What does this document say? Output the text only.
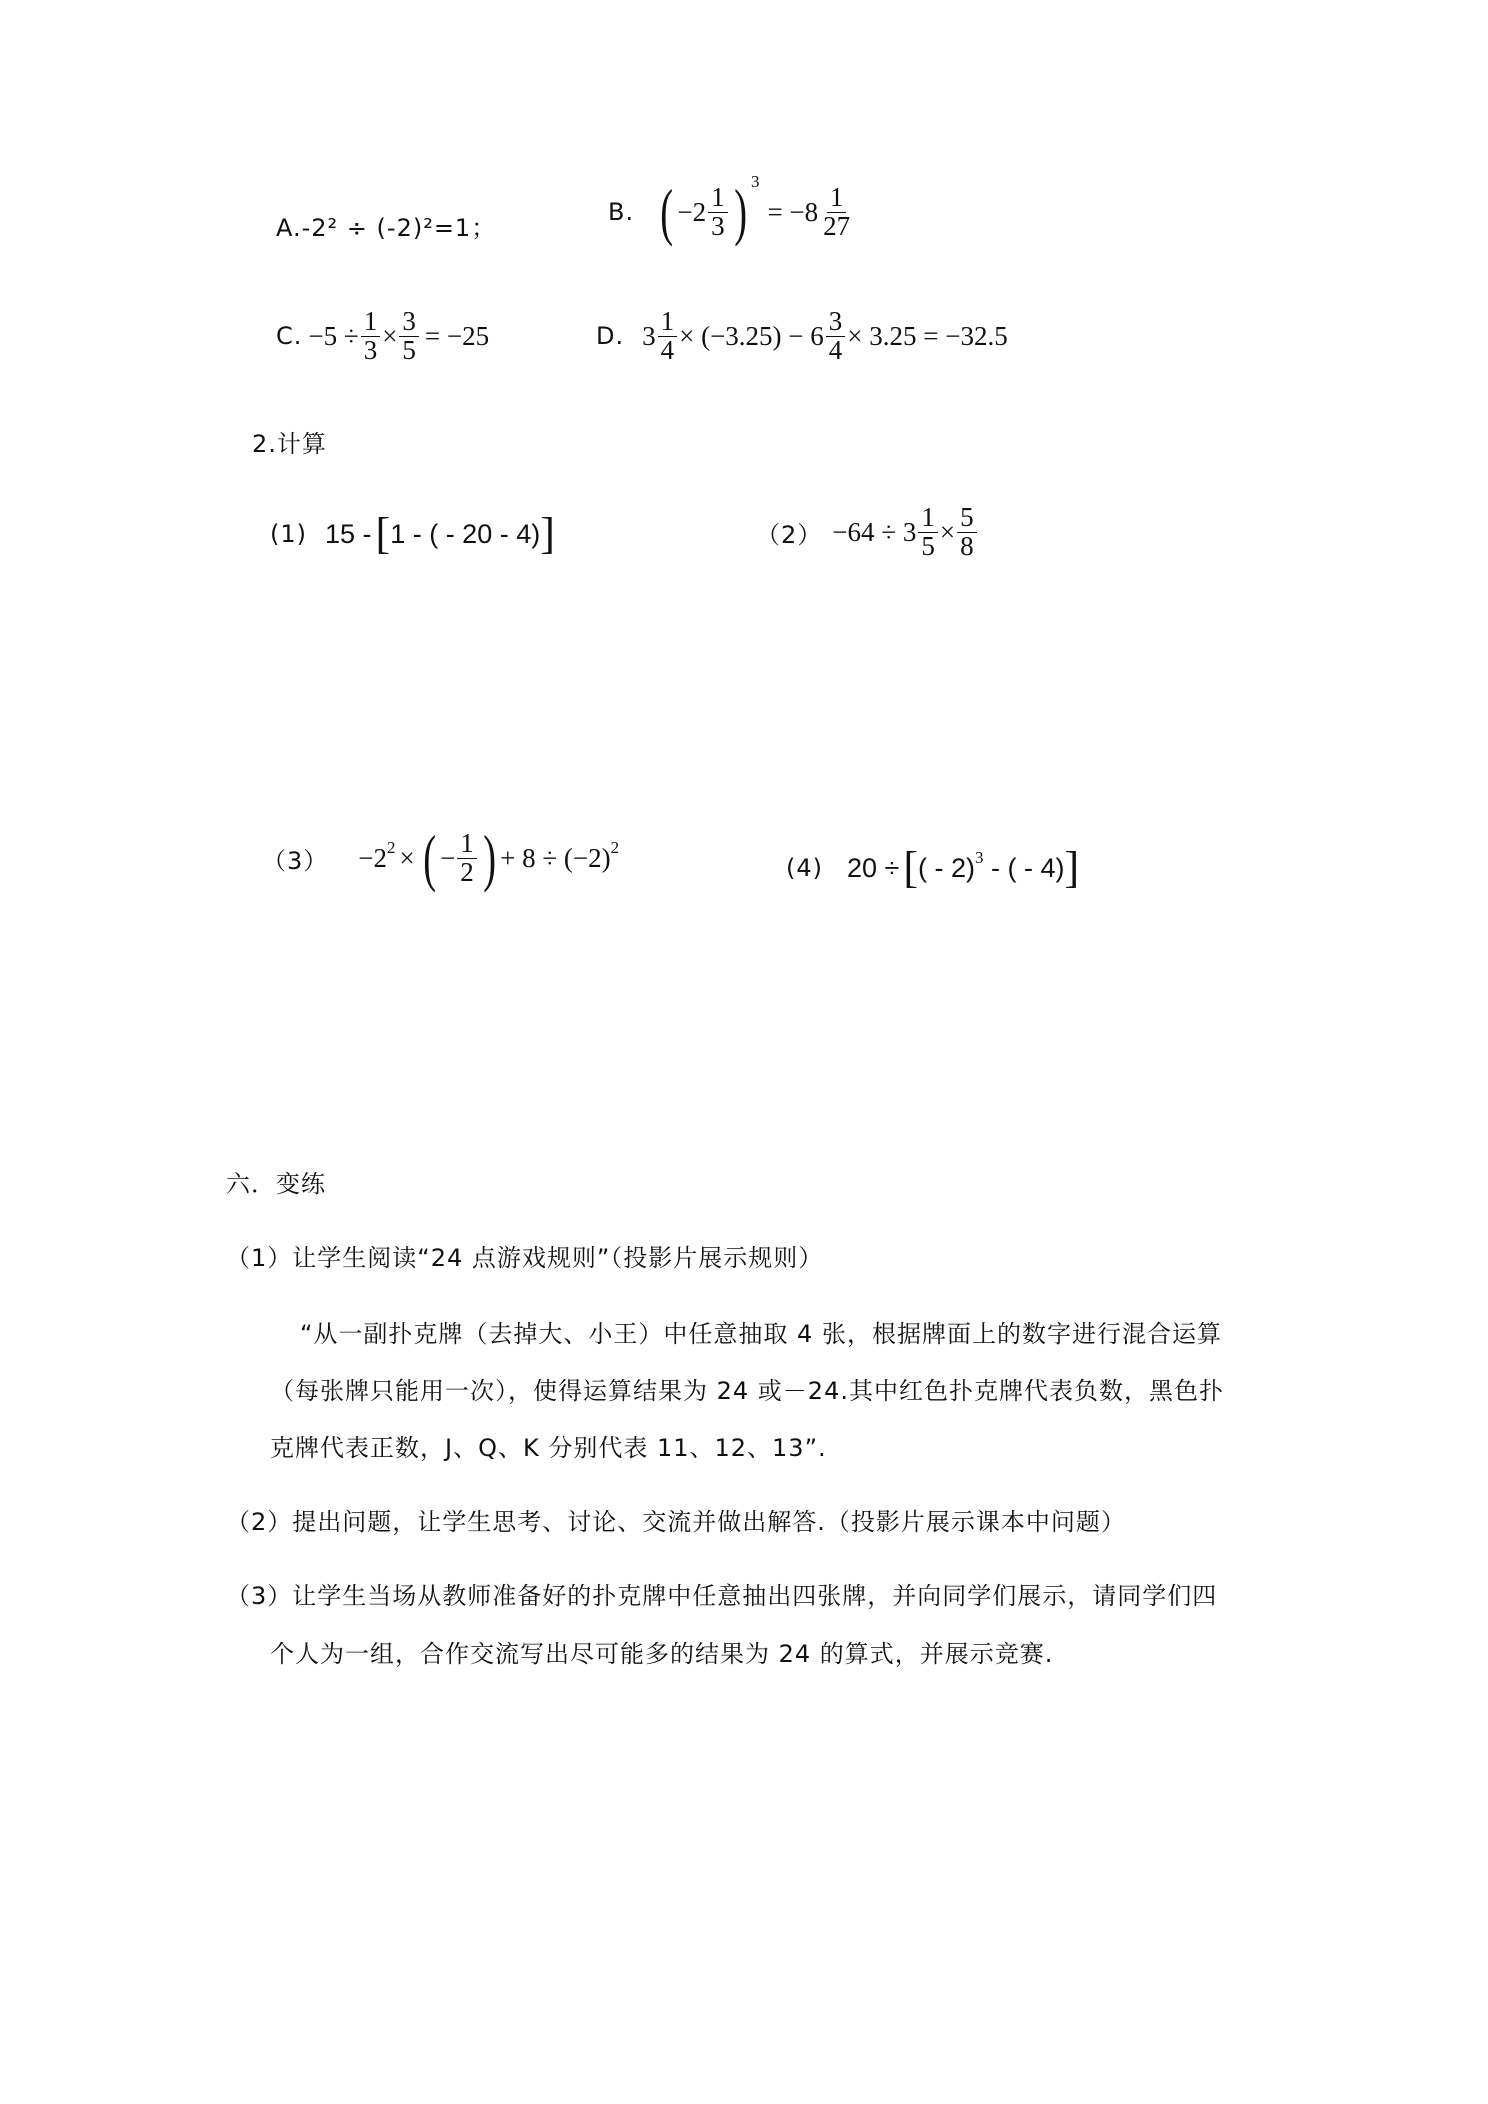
A.-2² ÷ (-2)²=1；
B. ( $-2 \frac{1}{3}$ ) 3
= $-8 \frac{1}{27}$
C. $-5 \div \frac{1}{3} \times \frac{3}{5} = -25$	D. $3 \frac{1}{4} \times (-3.25) - 6 \frac{3}{4} \times 3.25 = -32.5$
2.计算
(1) 15 - [ 1 - ( - 20 - 4) ]	$(2) -64 \div 3 \frac{1}{5} \times \frac{5}{8}$
（3） −2 2 × ( − $\frac{1}{2}$ ) + 8 ÷ (−2) 2
(4) 20 ÷ [ ( - 2) 3 - ( - 4) ]
六．变练
（1）让学生阅读“24 点游戏规则”（投影片展示规则）
“从一副扑克牌（去掉大、小王）中任意抽取 4 张，根据牌面上的数字进行混合运算
（每张牌只能用一次），使得运算结果为 24 或－24.其中红色扑克牌代表负数，黑色扑
克牌代表正数，J、Q、K 分别代表 11、12、13”.
（2）提出问题，让学生思考、讨论、交流并做出解答.（投影片展示课本中问题）
（3）让学生当场从教师准备好的扑克牌中任意抽出四张牌，并向同学们展示，请同学们四
个人为一组，合作交流写出尽可能多的结果为 24 的算式，并展示竞赛.
